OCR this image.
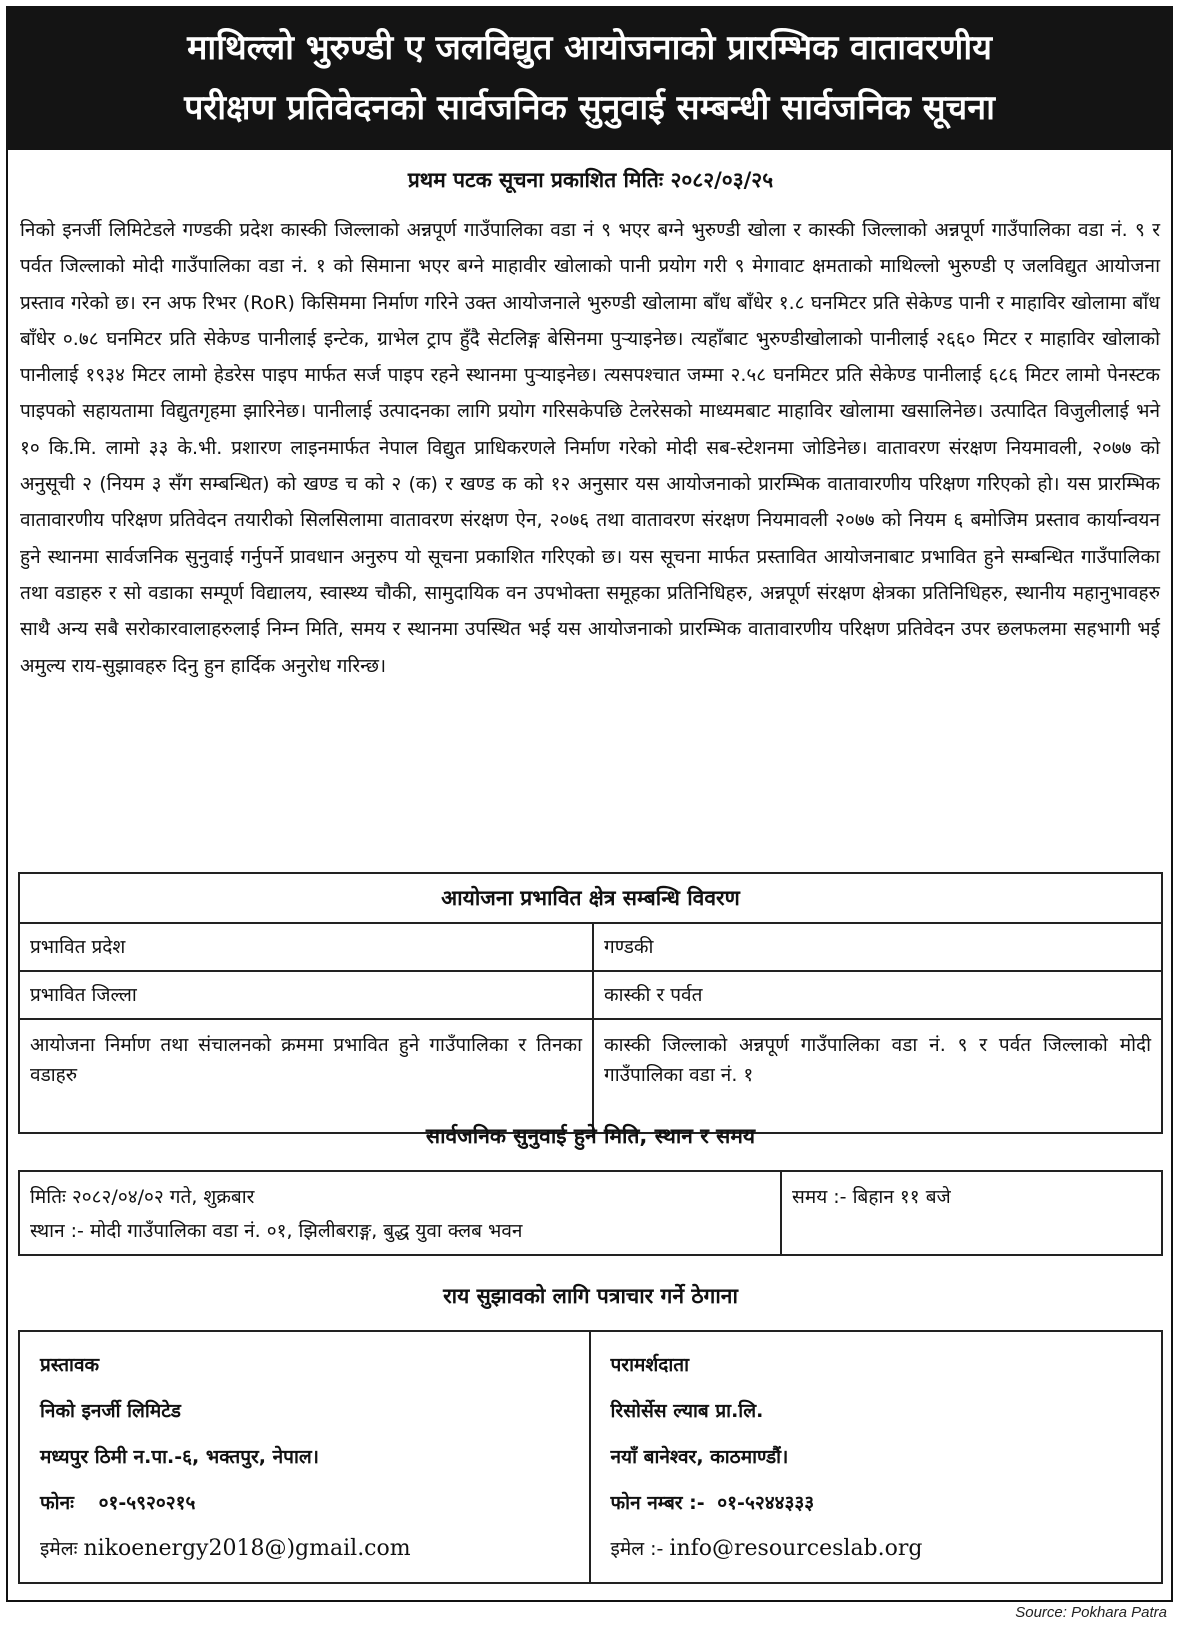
माथिल्लो भुरुण्डी ए जलविद्युत आयोजनाको प्रारम्भिक वातावरणीय
परीक्षण प्रतिवेदनको सार्वजनिक सुनुवाई सम्बन्धी सार्वजनिक सूचना
प्रथम पटक सूचना प्रकाशित मितिः २०८२/०३/२५

निको इनर्जी लिमिटेडले गण्डकी प्रदेश कास्की जिल्लाको अन्नपूर्ण गाउँपालिका वडा नं ९ भएर बग्ने भुरुण्डी खोला र कास्की जिल्लाको अन्नपूर्ण गाउँपालिका वडा नं. ९ र पर्वत जिल्लाको मोदी गाउँपालिका वडा नं. १ को सिमाना भएर बग्ने माहावीर खोलाको पानी प्रयोग गरी ९ मेगावाट क्षमताको माथिल्लो भुरुण्डी ए जलविद्युत आयोजना प्रस्ताव गरेको छ। रन अफ रिभर (RoR) किसिममा निर्माण गरिने उक्त आयोजनाले भुरुण्डी खोलामा बाँध बाँधेर १.८ घनमिटर प्रति सेकेण्ड पानी र माहाविर खोलामा बाँध बाँधेर ०.७८ घनमिटर प्रति सेकेण्ड पानीलाई इन्टेक, ग्राभेल ट्राप हुँदै सेटलिङ्ग बेसिनमा पुऱ्याइनेछ। त्यहाँबाट भुरुण्डीखोलाको पानीलाई २६६० मिटर र माहाविर खोलाको पानीलाई १९३४ मिटर लामो हेडरेस पाइप मार्फत सर्ज पाइप रहने स्थानमा पुऱ्याइनेछ। त्यसपश्चात जम्मा २.५८ घनमिटर प्रति सेकेण्ड पानीलाई ६८६ मिटर लामो पेनस्टक पाइपको सहायतामा विद्युतगृहमा झारिनेछ। पानीलाई उत्पादनका लागि प्रयोग गरिसकेपछि टेलरेसको माध्यमबाट माहाविर खोलामा खसालिनेछ। उत्पादित विजुलीलाई भने १० कि.मि. लामो ३३ के.भी. प्रशारण लाइनमार्फत नेपाल विद्युत प्राधिकरणले निर्माण गरेको मोदी सब-स्टेशनमा जोडिनेछ। वातावरण संरक्षण नियमावली, २०७७ को अनुसूची २ (नियम ३ सँग सम्बन्धित) को खण्ड च को २ (क) र खण्ड क को १२ अनुसार यस आयोजनाको प्रारम्भिक वातावारणीय परिक्षण गरिएको हो। यस प्रारम्भिक वातावारणीय परिक्षण प्रतिवेदन तयारीको सिलसिलामा वातावरण संरक्षण ऐन, २०७६ तथा वातावरण संरक्षण नियमावली २०७७ को नियम ६ बमोजिम प्रस्ताव कार्यान्वयन हुने स्थानमा सार्वजनिक सुनुवाई गर्नुपर्ने प्रावधान अनुरुप यो सूचना प्रकाशित गरिएको छ। यस सूचना मार्फत प्रस्तावित आयोजनाबाट प्रभावित हुने सम्बन्धित गाउँपालिका तथा वडाहरु र सो वडाका सम्पूर्ण विद्यालय, स्वास्थ्य चौकी, सामुदायिक वन उपभोक्ता समूहका प्रतिनिधिहरु, अन्नपूर्ण संरक्षण क्षेत्रका प्रतिनिधिहरु, स्थानीय महानुभावहरु साथै अन्य सबै सरोकारवालाहरुलाई निम्न मिति, समय र स्थानमा उपस्थित भई यस आयोजनाको प्रारम्भिक वातावारणीय परिक्षण प्रतिवेदन उपर छलफलमा सहभागी भई अमुल्य राय-सुझावहरु दिनु हुन हार्दिक अनुरोध गरिन्छ।

आयोजना प्रभावित क्षेत्र सम्बन्धि विवरण
प्रभावित प्रदेश	गण्डकी
प्रभावित जिल्ला	कास्की र पर्वत
आयोजना निर्माण तथा संचालनको क्रममा प्रभावित हुने गाउँपालिका र तिनका वडाहरु
कास्की जिल्लाको अन्नपूर्ण गाउँपालिका वडा नं. ९ र पर्वत जिल्लाको मोदी गाउँपालिका वडा नं. १
सार्वजनिक सुनुवाई हुने मिति, स्थान र समय
मितिः २०८२/०४/०२ गते, शुक्रबार
स्थान :- मोदी गाउँपालिका वडा नं. ०१, झिलीबराङ्ग, बुद्ध युवा क्लब भवन
समय :- बिहान ११ बजे
राय सुझावको लागि पत्राचार गर्ने ठेगाना
प्रस्तावक
निको इनर्जी लिमिटेड
मध्यपुर ठिमी न.पा.-६, भक्तपुर, नेपाल।
फोनः ०१-५९२०२१५
इमेलः nikoenergy2018@)gmail.com
परामर्शदाता
रिसोर्सेस ल्याब प्रा.लि.
नयाँ बानेश्वर, काठमाण्डौं।
फोन नम्बर :- ०१-५२४४३३३
इमेल :- info@resourceslab.org
Source: Pokhara Patra
